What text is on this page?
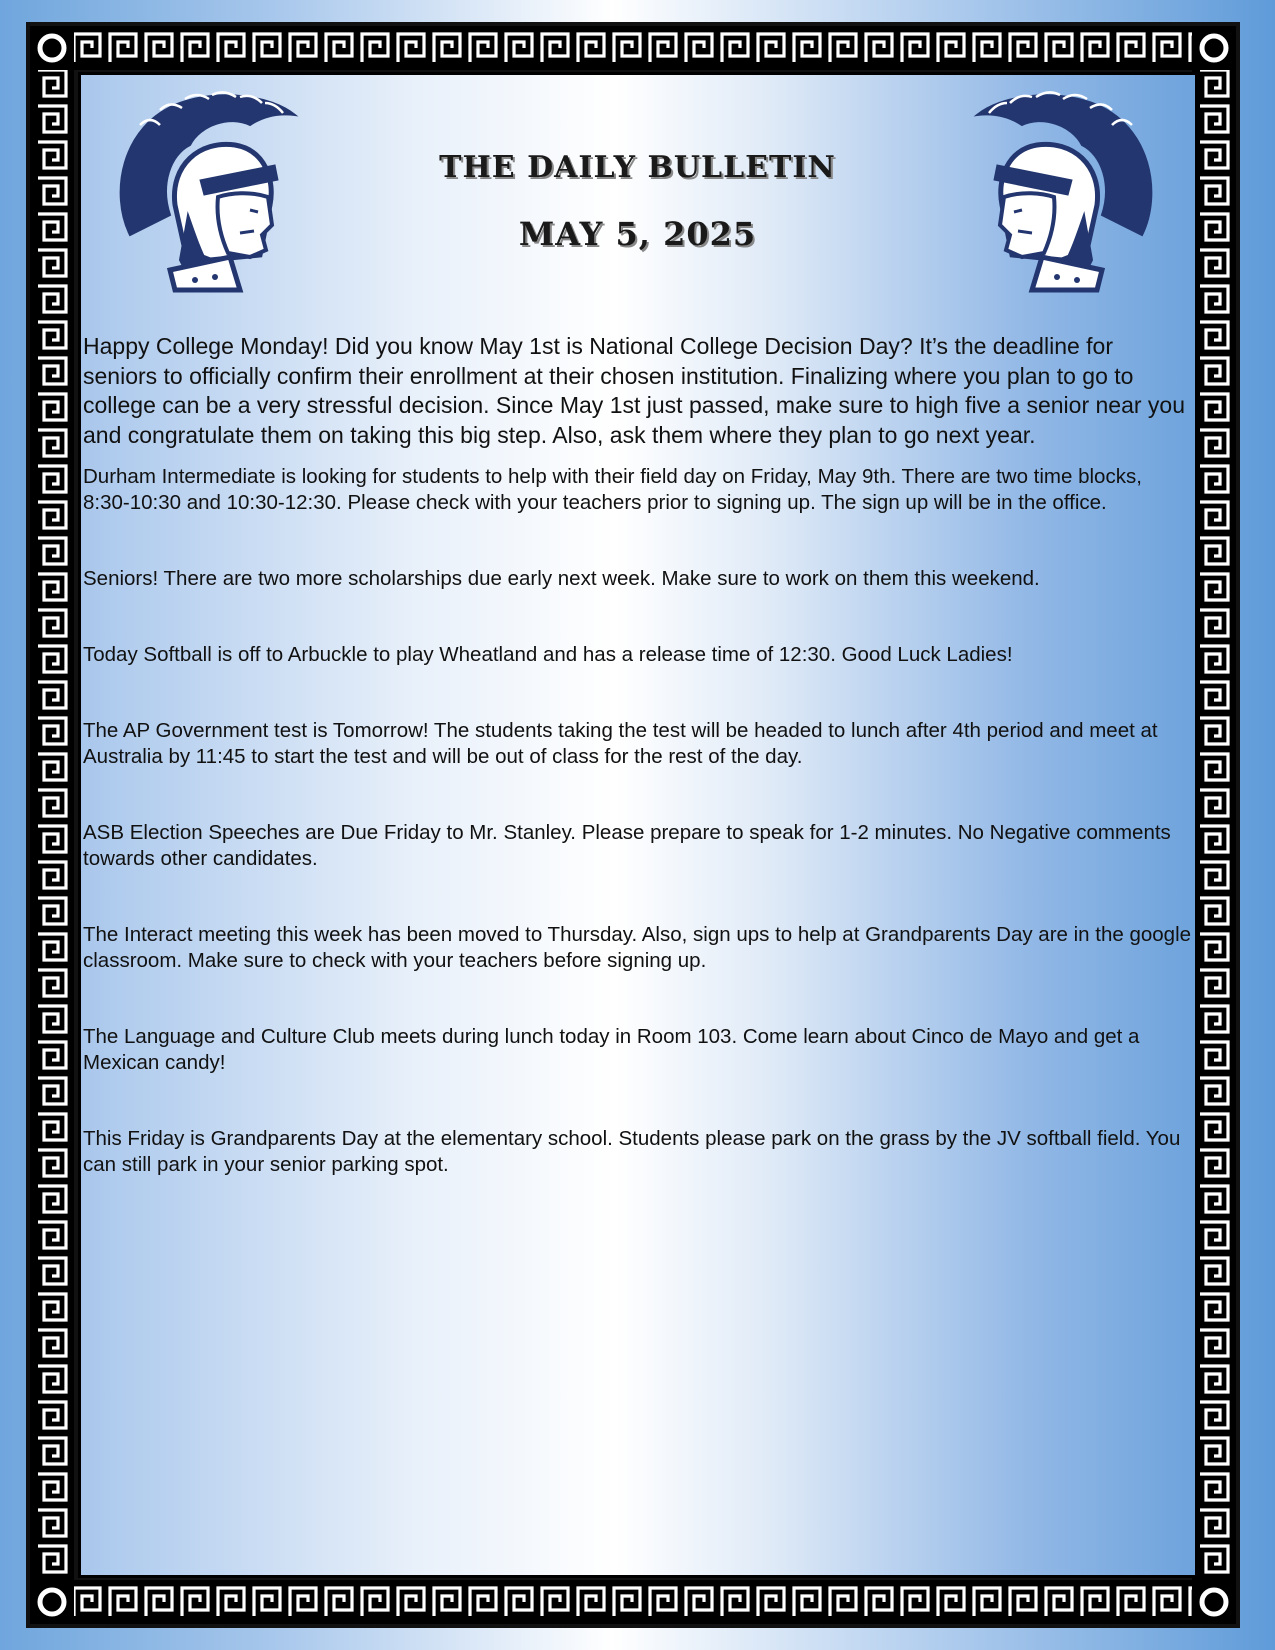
THE DAILY BULLETIN
MAY 5, 2025

Happy College Monday! Did you know May 1st is National College Decision Day? It’s the deadline for seniors to officially confirm their enrollment at their chosen institution. Finalizing where you plan to go to college can be a very stressful decision. Since May 1st just passed, make sure to high five a senior near you and congratulate them on taking this big step. Also, ask them where they plan to go next year.

Durham Intermediate is looking for students to help with their field day on Friday, May 9th. There are two time blocks, 8:30-10:30 and 10:30-12:30. Please check with your teachers prior to signing up. The sign up will be in the office.

Seniors! There are two more scholarships due early next week. Make sure to work on them this weekend.

Today Softball is off to Arbuckle to play Wheatland and has a release time of 12:30. Good Luck Ladies!

The AP Government test is Tomorrow! The students taking the test will be headed to lunch after 4th period and meet at Australia by 11:45 to start the test and will be out of class for the rest of the day.

ASB Election Speeches are Due Friday to Mr. Stanley. Please prepare to speak for 1-2 minutes. No Negative comments towards other candidates.

The Interact meeting this week has been moved to Thursday. Also, sign ups to help at Grandparents Day are in the google classroom. Make sure to check with your teachers before signing up.

The Language and Culture Club meets during lunch today in Room 103. Come learn about Cinco de Mayo and get a Mexican candy!

This Friday is Grandparents Day at the elementary school. Students please park on the grass by the JV softball field. You can still park in your senior parking spot.
